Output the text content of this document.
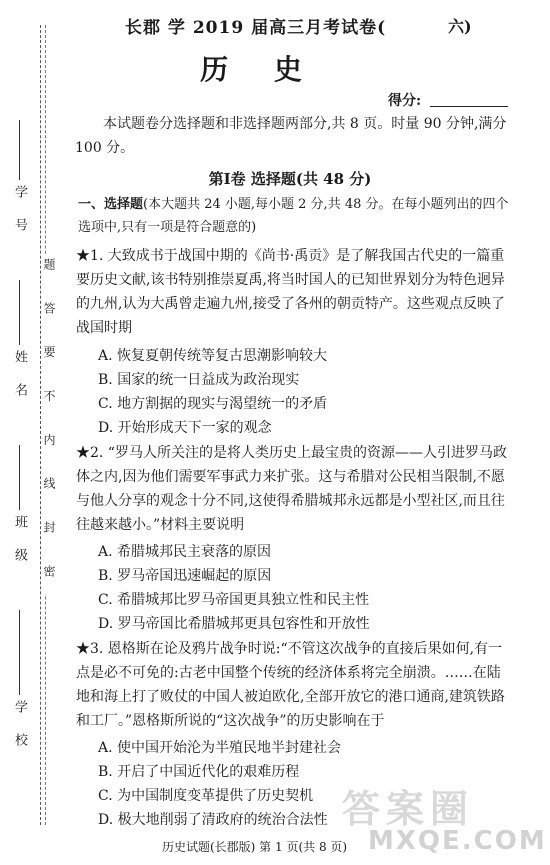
学 号
姓 名
班 级
学 校
题 答 要 不 内 线 封 密
长郡 学 2019 届高三月考试卷(	六)
历 史
得分:
本试题卷分选择题和非选择题两部分,共 8 页。时量 90 分钟,满分 100 分。
第Ⅰ卷 选择题(共 48 分)
一、选择题(本大题共 24 小题,每小题 2 分,共 48 分。在每小题列出的四个选项中,只有一项是符合题意的)
★1. 大致成书于战国中期的《尚书·禹贡》是了解我国古代史的一篇重要历史文献,该书特别推崇夏禹,将当时国人的已知世界划分为特色迥异的九州,认为大禹曾走遍九州,接受了各州的朝贡特产。这些观点反映了战国时期
A. 恢复夏朝传统等复古思潮影响较大
B. 国家的统一日益成为政治现实
C. 地方割据的现实与渴望统一的矛盾
D. 开始形成天下一家的观念
★2. “罗马人所关注的是将人类历史上最宝贵的资源——人引进罗马政体之内,因为他们需要军事武力来扩张。这与希腊对公民相当限制,不愿与他人分享的观念十分不同,这使得希腊城邦永远都是小型社区,而且往往越来越小。”材料主要说明
A. 希腊城邦民主衰落的原因
B. 罗马帝国迅速崛起的原因
C. 希腊城邦比罗马帝国更具独立性和民主性
D. 罗马帝国比希腊城邦更具包容性和开放性
★3. 恩格斯在论及鸦片战争时说:“不管这次战争的直接后果如何,有一点是必不可免的:古老中国整个传统的经济体系将完全崩溃。……在陆地和海上打了败仗的中国人被迫欧化,全部开放它的港口通商,建筑铁路和工厂。”恩格斯所说的“这次战争”的历史影响在于
A. 使中国开始沦为半殖民地半封建社会
B. 开启了中国近代化的艰难历程
C. 为中国制度变革提供了历史契机
D. 极大地削弱了清政府的统治合法性 答案圈
MXQE.COM
历史试题(长郡版) 第 1 页(共 8 页)
